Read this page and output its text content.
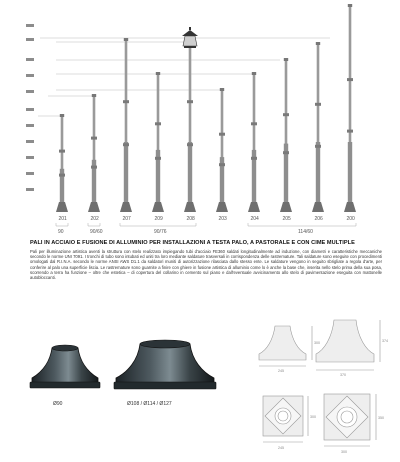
201	202	207	209	208	203	204	205	206	200
90	90/60	90/76	114/60
PALI IN ACCIAIO E FUSIONE DI ALLUMINIO PER INSTALLAZIONI A TESTA PALO, A PASTORALE E CON CIME MULTIPLE
Pali per illuminazione artistica aventi la struttura con stelo realizzato impiegando tubi d'acciaio FE360 saldati longitudinalmente ad induzione, con diametri e caratteristiche meccaniche secondo le norme UNI 7091. I tronchi di tubo sono intubati ed uniti tra loro mediante saldature trasversali in corrispondenza delle rastremature. Tali saldature sono eseguite con procedimenti omologati dal R.I.N.A. secondo le norme ANSI AWS D1.1 da saldatori muniti di autorizzazione rilasciata dallo stesso ente. Le saldature vengono in seguito sbrigliate a regola d'arte, per conferire al palo una superficie liscia. Le rastremature sono guarnite a finire con ghiere in fusione artistica di alluminio come lo è anche la base che, inserita nello stelo prima della sua posa, scorrendo a terra ha funzione – oltre che estetica – di copertura del collarino in cemento sul piano e dall'eventuale avvicinamento allo stelo di pavimentazione eseguita con mattonelle autobloccanti.
Ø90	Ø108 / Ø114 / Ø127
245
300
370
374
245
300
300
350
